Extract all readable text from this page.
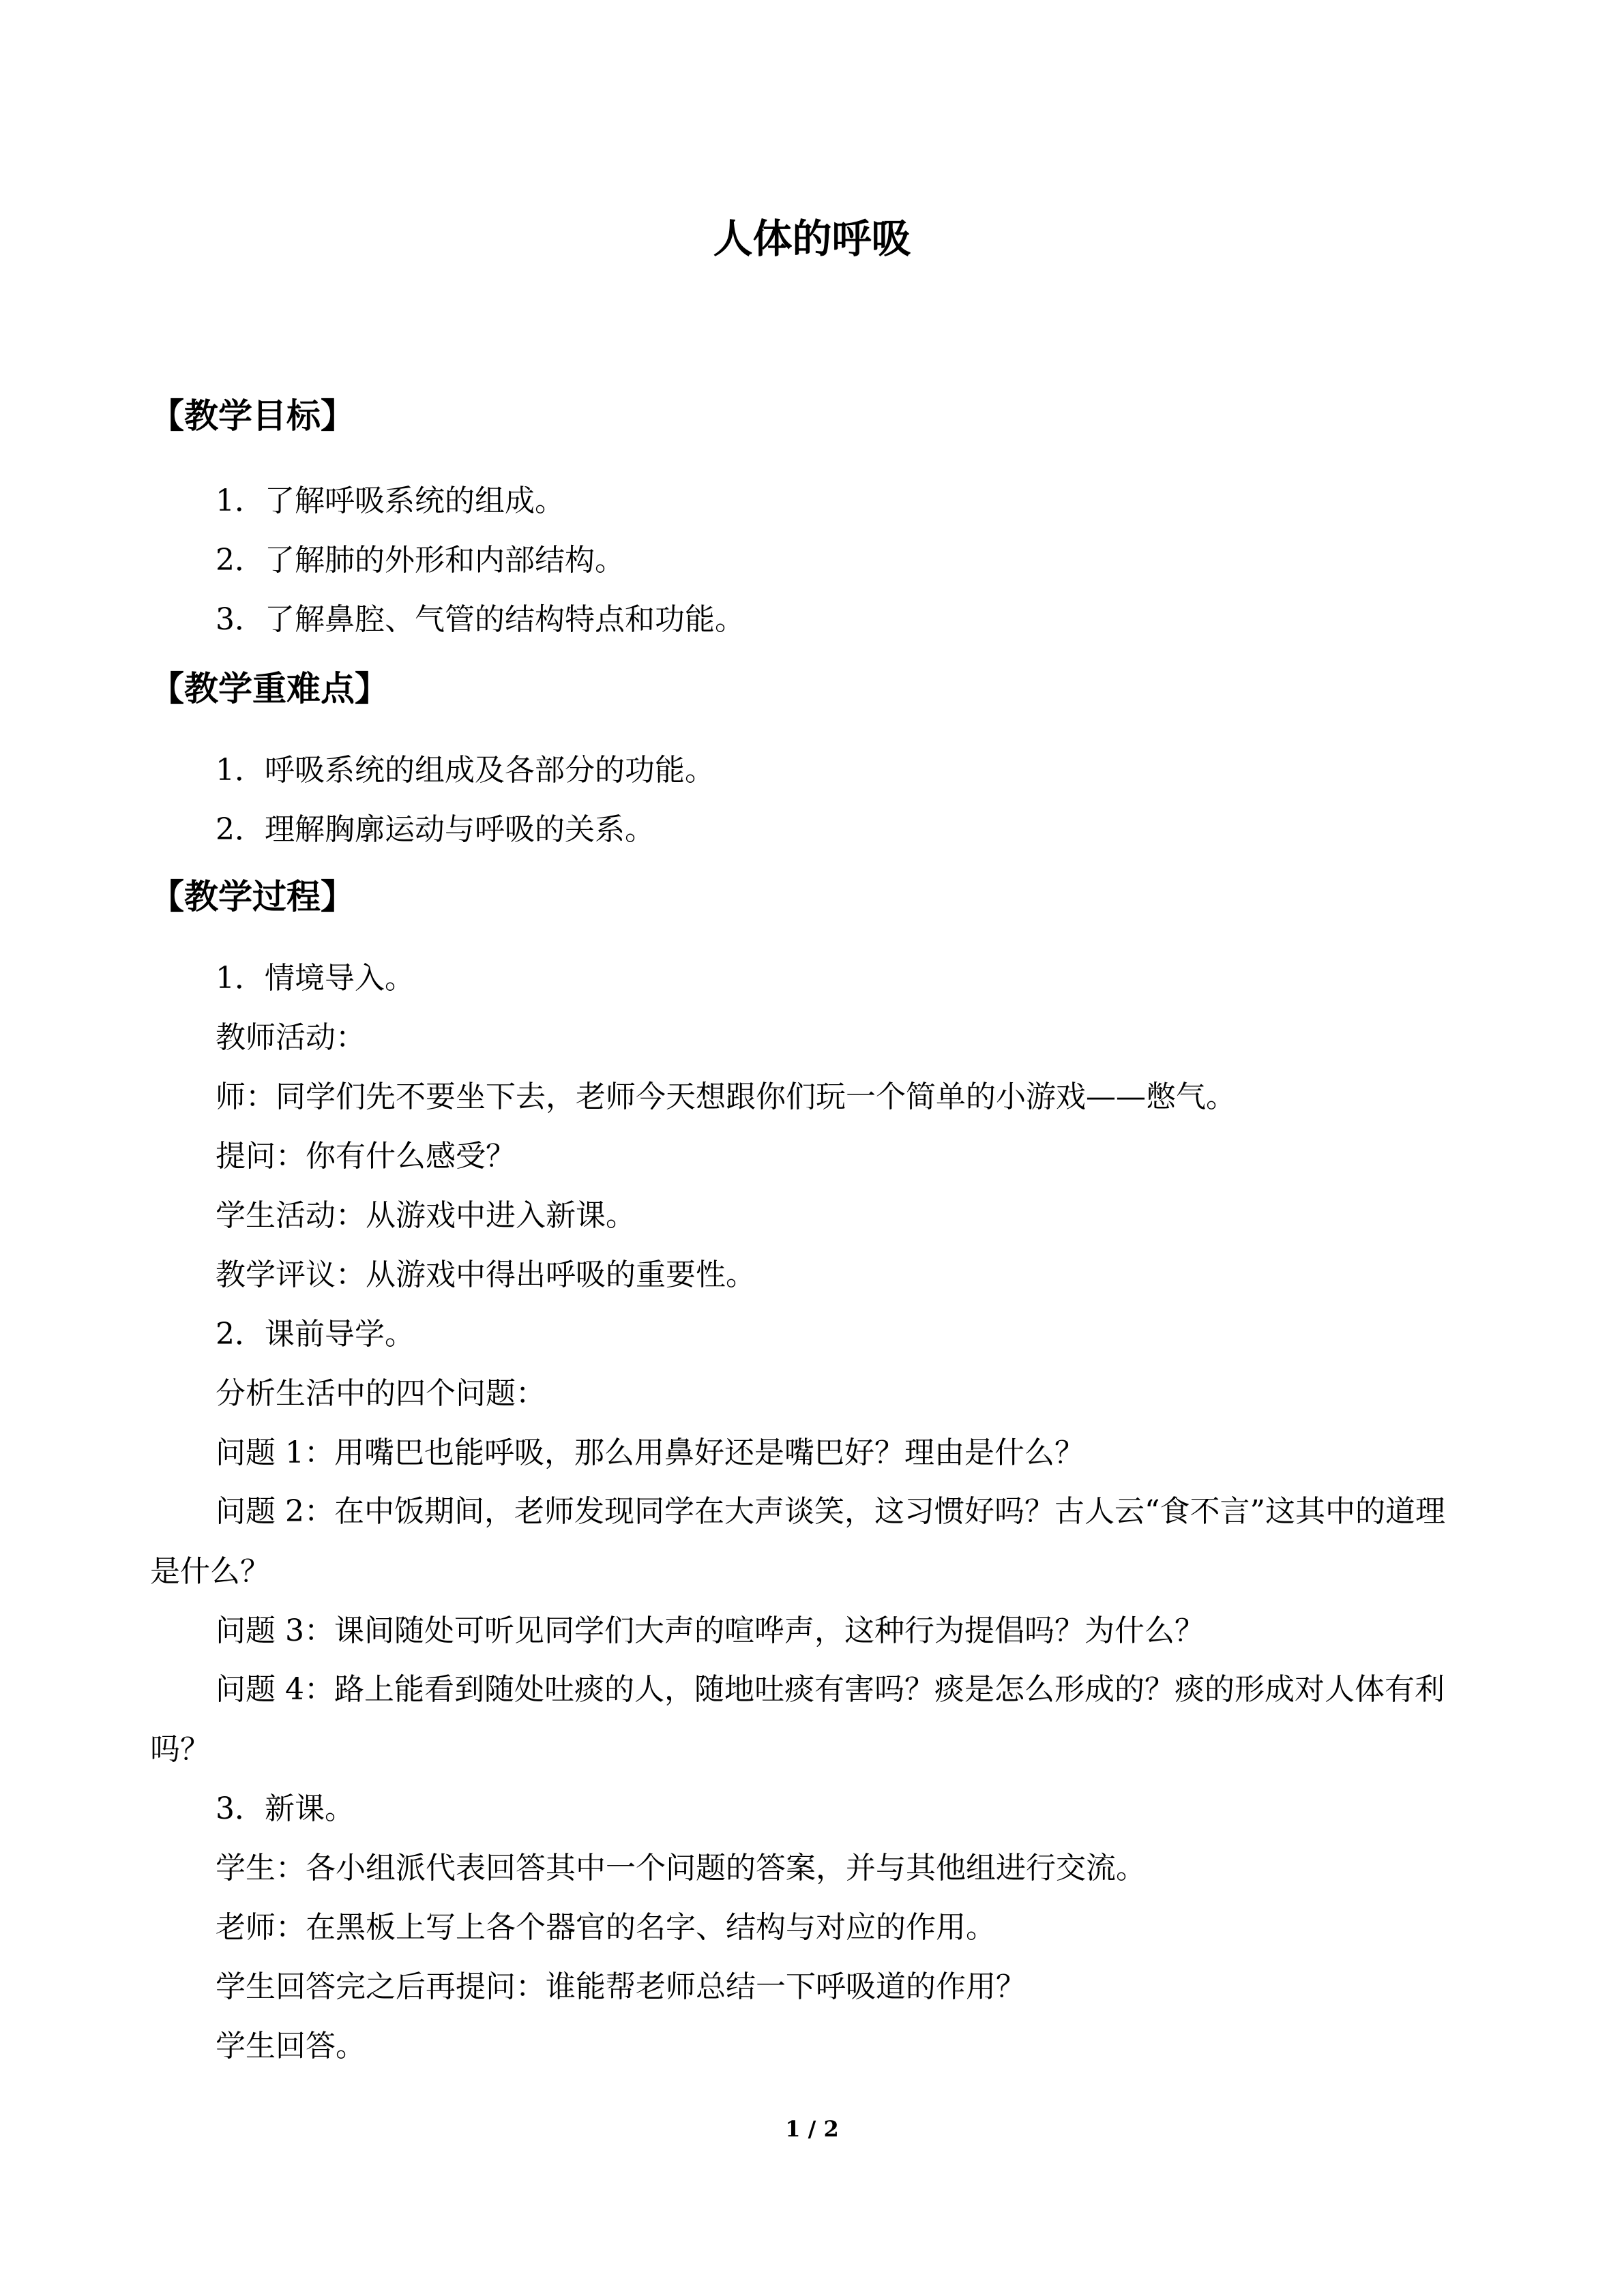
人体的呼吸
【教学目标】
1．了解呼吸系统的组成。
2．了解肺的外形和内部结构。
3．了解鼻腔、气管的结构特点和功能。
【教学重难点】
1．呼吸系统的组成及各部分的功能。
2．理解胸廓运动与呼吸的关系。
【教学过程】
1．情境导入。
教师活动：
师：同学们先不要坐下去，老师今天想跟你们玩一个简单的小游戏——憋气。
提问：你有什么感受？
学生活动：从游戏中进入新课。
教学评议：从游戏中得出呼吸的重要性。
2．课前导学。
分析生活中的四个问题：
问题 1：用嘴巴也能呼吸，那么用鼻好还是嘴巴好？理由是什么？
问题 2：在中饭期间，老师发现同学在大声谈笑，这习惯好吗？古人云“食不言”这其中的道理是什么？
问题 3：课间随处可听见同学们大声的喧哗声，这种行为提倡吗？为什么？
问题 4：路上能看到随处吐痰的人，随地吐痰有害吗？痰是怎么形成的？痰的形成对人体有利吗？
3．新课。
学生：各小组派代表回答其中一个问题的答案，并与其他组进行交流。
老师：在黑板上写上各个器官的名字、结构与对应的作用。
学生回答完之后再提问：谁能帮老师总结一下呼吸道的作用？
学生回答。
1 / 2
